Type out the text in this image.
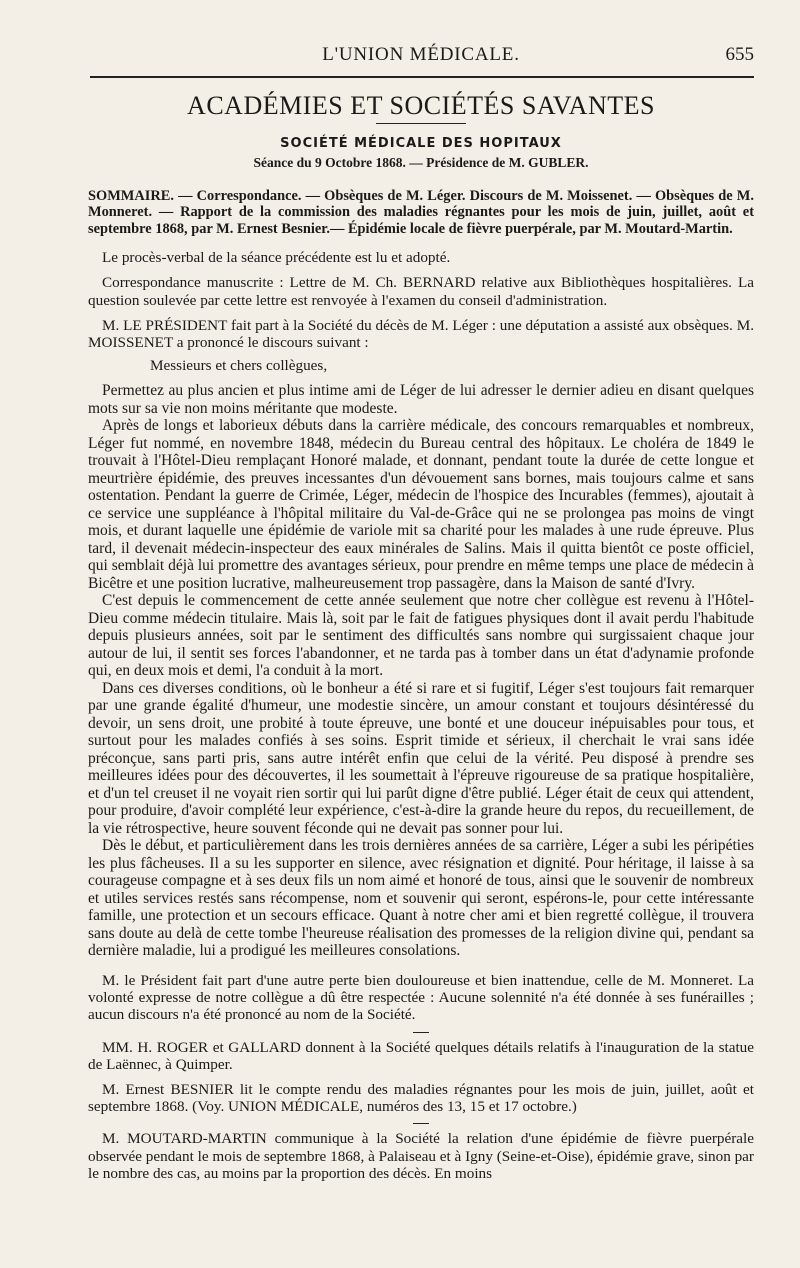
L'UNION MÉDICALE.	655
ACADÉMIES ET SOCIÉTÉS SAVANTES
SOCIÉTÉ MÉDICALE DES HOPITAUX
Séance du 9 Octobre 1868. — Présidence de M. GUBLER.

SOMMAIRE. — Correspondance. — Obsèques de M. Léger. Discours de M. Moissenet. — Obsèques de M. Monneret. — Rapport de la commission des maladies régnantes pour les mois de juin, juillet, août et septembre 1868, par M. Ernest Besnier.— Épidémie locale de fièvre puerpérale, par M. Moutard-Martin.

Le procès-verbal de la séance précédente est lu et adopté.

Correspondance manuscrite : Lettre de M. Ch. BERNARD relative aux Bibliothèques hospitalières. La question soulevée par cette lettre est renvoyée à l'examen du conseil d'administration.

M. LE PRÉSIDENT fait part à la Société du décès de M. Léger : une députation a assisté aux obsèques. M. MOISSENET a prononcé le discours suivant :

Messieurs et chers collègues,

Permettez au plus ancien et plus intime ami de Léger de lui adresser le dernier adieu en disant quelques mots sur sa vie non moins méritante que modeste.

Après de longs et laborieux débuts dans la carrière médicale, des concours remarquables et nombreux, Léger fut nommé, en novembre 1848, médecin du Bureau central des hôpitaux. Le choléra de 1849 le trouvait à l'Hôtel-Dieu remplaçant Honoré malade, et donnant, pendant toute la durée de cette longue et meurtrière épidémie, des preuves incessantes d'un dévouement sans bornes, mais toujours calme et sans ostentation. Pendant la guerre de Crimée, Léger, médecin de l'hospice des Incurables (femmes), ajoutait à ce service une suppléance à l'hôpital militaire du Val-de-Grâce qui ne se prolongea pas moins de vingt mois, et durant laquelle une épidémie de variole mit sa charité pour les malades à une rude épreuve. Plus tard, il devenait médecin-inspecteur des eaux minérales de Salins. Mais il quitta bientôt ce poste officiel, qui semblait déjà lui promettre des avantages sérieux, pour prendre en même temps une place de médecin à Bicêtre et une position lucrative, malheureusement trop passagère, dans la Maison de santé d'Ivry.

C'est depuis le commencement de cette année seulement que notre cher collègue est revenu à l'Hôtel-Dieu comme médecin titulaire. Mais là, soit par le fait de fatigues physiques dont il avait perdu l'habitude depuis plusieurs années, soit par le sentiment des difficultés sans nombre qui surgissaient chaque jour autour de lui, il sentit ses forces l'abandonner, et ne tarda pas à tomber dans un état d'adynamie profonde qui, en deux mois et demi, l'a conduit à la mort.

Dans ces diverses conditions, où le bonheur a été si rare et si fugitif, Léger s'est toujours fait remarquer par une grande égalité d'humeur, une modestie sincère, un amour constant et toujours désintéressé du devoir, un sens droit, une probité à toute épreuve, une bonté et une douceur inépuisables pour tous, et surtout pour les malades confiés à ses soins. Esprit timide et sérieux, il cherchait le vrai sans idée préconçue, sans parti pris, sans autre intérêt enfin que celui de la vérité. Peu disposé à prendre ses meilleures idées pour des découvertes, il les soumettait à l'épreuve rigoureuse de sa pratique hospitalière, et d'un tel creuset il ne voyait rien sortir qui lui parût digne d'être publié. Léger était de ceux qui attendent, pour produire, d'avoir complété leur expérience, c'est-à-dire la grande heure du repos, du recueillement, de la vie rétrospective, heure souvent féconde qui ne devait pas sonner pour lui.

Dès le début, et particulièrement dans les trois dernières années de sa carrière, Léger a subi les péripéties les plus fâcheuses. Il a su les supporter en silence, avec résignation et dignité. Pour héritage, il laisse à sa courageuse compagne et à ses deux fils un nom aimé et honoré de tous, ainsi que le souvenir de nombreux et utiles services restés sans récompense, nom et souvenir qui seront, espérons-le, pour cette intéressante famille, une protection et un secours efficace. Quant à notre cher ami et bien regretté collègue, il trouvera sans doute au delà de cette tombe l'heureuse réalisation des promesses de la religion divine qui, pendant sa dernière maladie, lui a prodigué les meilleures consolations.

M. le Président fait part d'une autre perte bien douloureuse et bien inattendue, celle de M. Monneret. La volonté expresse de notre collègue a dû être respectée : Aucune solennité n'a été donnée à ses funérailles ; aucun discours n'a été prononcé au nom de la Société.

MM. H. ROGER et GALLARD donnent à la Société quelques détails relatifs à l'inauguration de la statue de Laënnec, à Quimper.

M. Ernest BESNIER lit le compte rendu des maladies régnantes pour les mois de juin, juillet, août et septembre 1868. (Voy. UNION MÉDICALE, numéros des 13, 15 et 17 octobre.)

M. MOUTARD-MARTIN communique à la Société la relation d'une épidémie de fièvre puerpérale observée pendant le mois de septembre 1868, à Palaiseau et à Igny (Seine-et-Oise), épidémie grave, sinon par le nombre des cas, au moins par la proportion des décès. En moins
